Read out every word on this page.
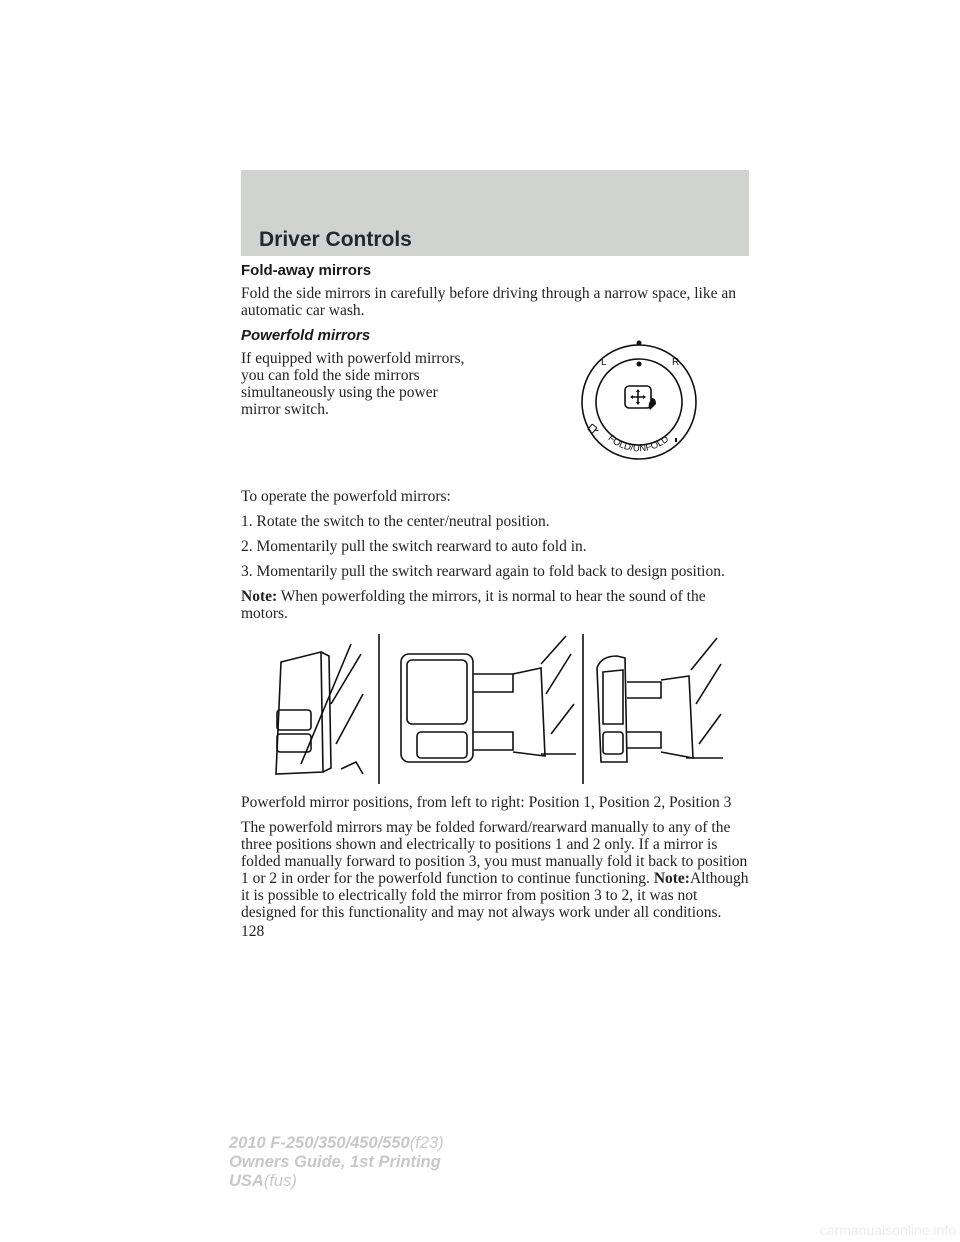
Driver Controls
Fold-away mirrors

Fold the side mirrors in carefully before driving through a narrow space, like an automatic car wash.

Powerfold mirrors

If equipped with powerfold mirrors, you can fold the side mirrors simultaneously using the power mirror switch.

L	R
FOLD/UNFOLD

To operate the powerfold mirrors:

1. Rotate the switch to the center/neutral position.

2. Momentarily pull the switch rearward to auto fold in.

3. Momentarily pull the switch rearward again to fold back to design position.

Note: When powerfolding the mirrors, it is normal to hear the sound of the motors.

Powerfold mirror positions, from left to right: Position 1, Position 2, Position 3

The powerfold mirrors may be folded forward/rearward manually to any of the three positions shown and electrically to positions 1 and 2 only. If a mirror is folded manually forward to position 3, you must manually fold it back to position 1 or 2 in order for the powerfold function to continue functioning. Note:Although it is possible to electrically fold the mirror from position 3 to 2, it was not designed for this functionality and may not always work under all conditions.

128
2010 F-250/350/450/550(f23)
Owners Guide, 1st Printing
USA(fus)
carmanualsonline.info
